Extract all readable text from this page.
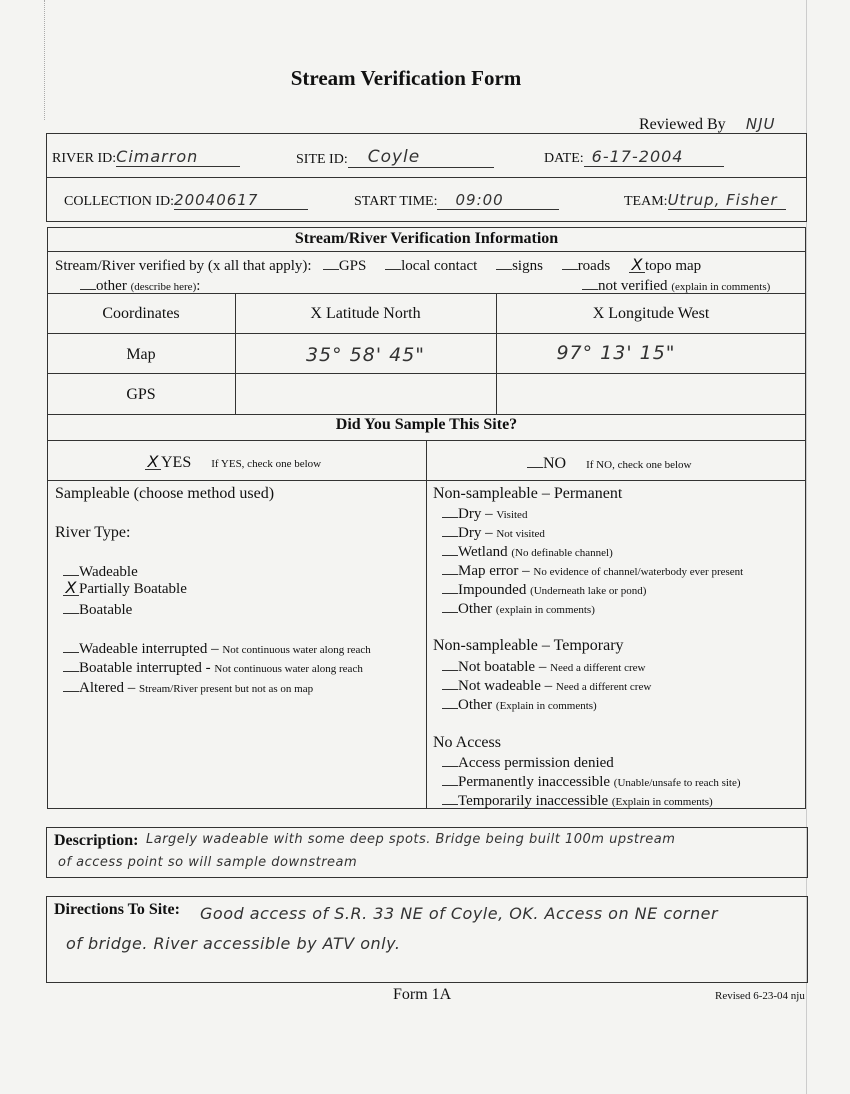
Stream Verification Form
Reviewed By NJU
RIVER ID:Cimarron	SITE ID: Coyle	DATE: 6-17-2004
COLLECTION ID:20040617	START TIME: 09:00	TEAM:Utrup, Fisher
Stream/River Verification Information
Stream/River verified by (x all that apply): GPS local contact signs roads X topo map
other (describe here):	not verified (explain in comments)
Coordinates	X Latitude North	X Longitude West
Map	35° 58' 45"	97° 13' 15"
GPS
Did You Sample This Site?
X YES If YES, check one below	NO If NO, check one below
Sampleable (choose method used)
River Type:
Wadeable
X Partially Boatable
Boatable
Wadeable interrupted – Not continuous water along reach
Boatable interrupted - Not continuous water along reach
Altered – Stream/River present but not as on map
Non-sampleable – Permanent
Dry – Visited
Dry – Not visited
Wetland (No definable channel)
Map error – No evidence of channel/waterbody ever present
Impounded (Underneath lake or pond)
Other (explain in comments)
Non-sampleable – Temporary
Not boatable – Need a different crew
Not wadeable – Need a different crew
Other (Explain in comments)
No Access
Access permission denied
Permanently inaccessible (Unable/unsafe to reach site)
Temporarily inaccessible (Explain in comments)
Description: Largely wadeable with some deep spots. Bridge being built 100m upstream
of access point so will sample downstream
Directions To Site: Good access of S.R. 33 NE of Coyle, OK. Access on NE corner
of bridge. River accessible by ATV only.
Form 1A	Revised 6-23-04 nju
